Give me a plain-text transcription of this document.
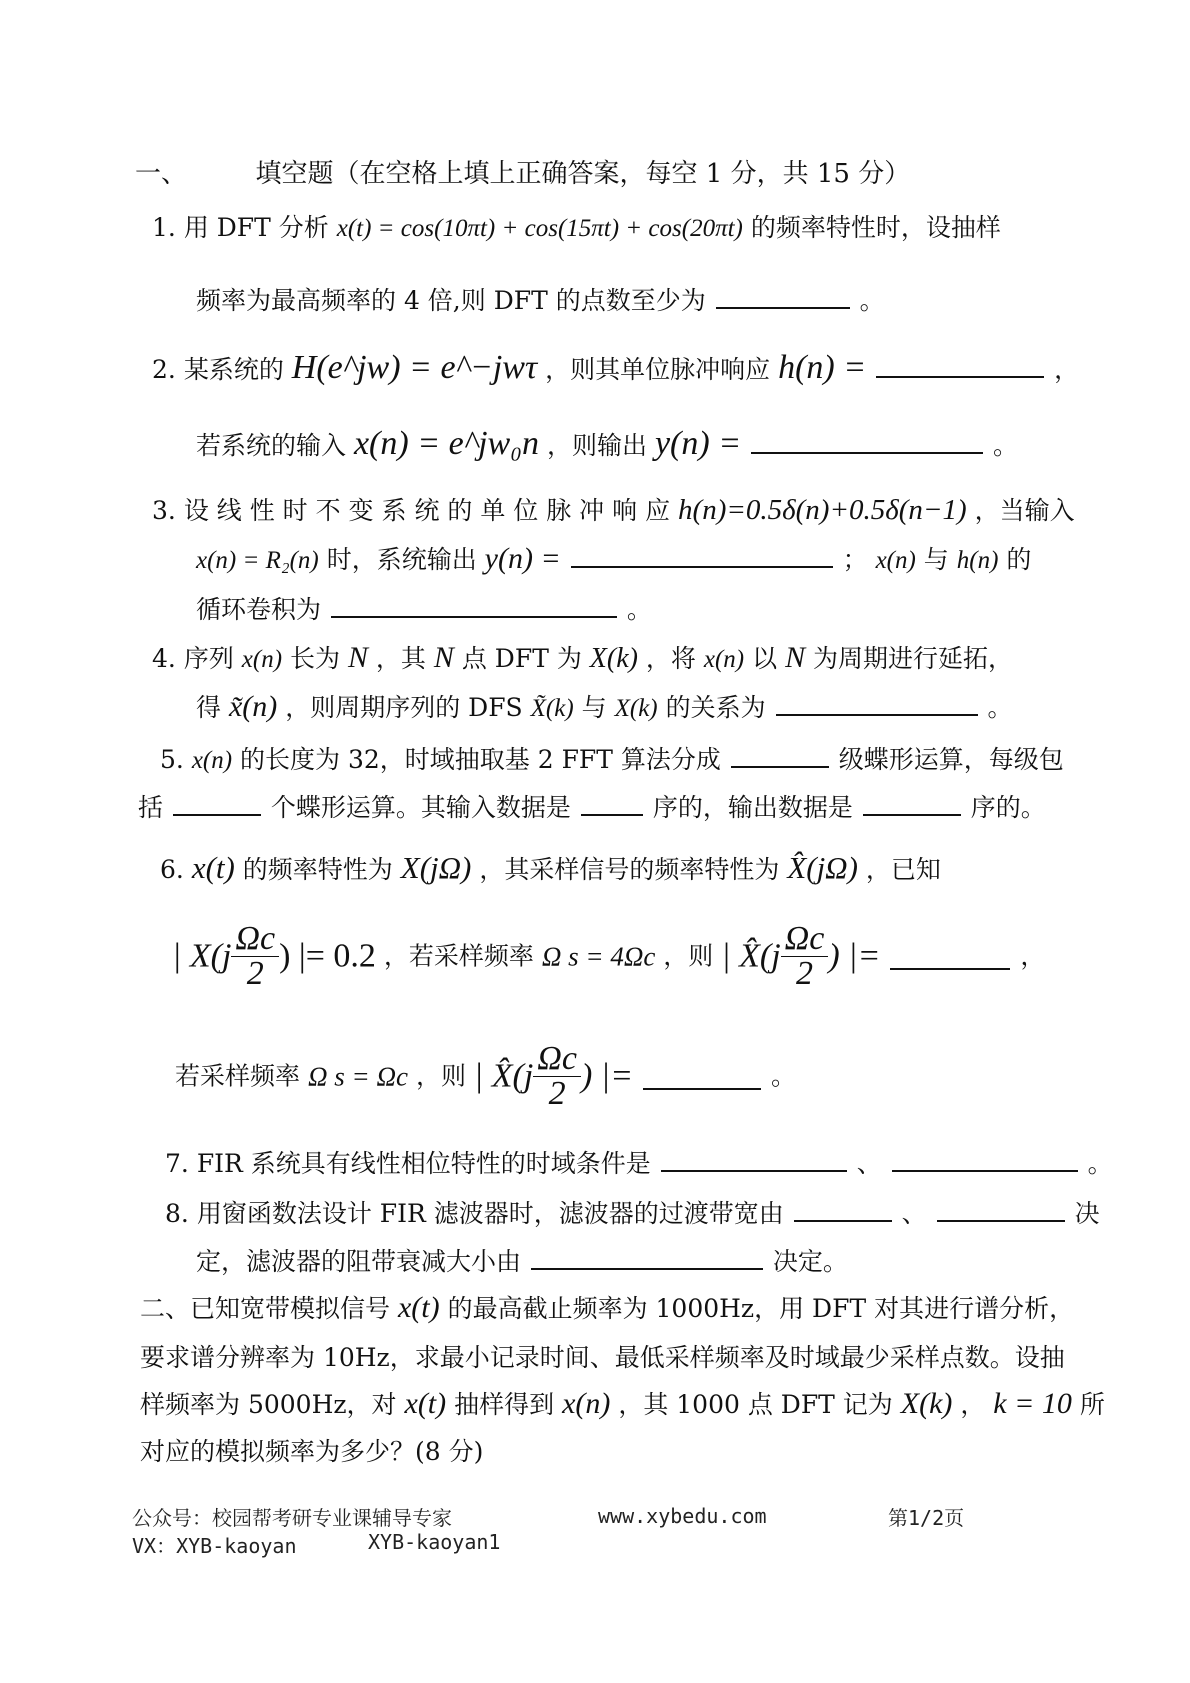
一、	填空题（在空格上填上正确答案，每空 1 分，共 15 分）
1. 用 DFT 分析 x(t) = cos(10πt) + cos(15πt) + cos(20πt) 的频率特性时，设抽样
频率为最高频率的 4 倍,则 DFT 的点数至少为	。
2. 某系统的 H(e^jw) = e^−jwτ ，则其单位脉冲响应 h(n) =	，
若系统的输入 x(n) = e^jw₀n ，则输出 y(n) =	。
3. 设 线 性 时 不 变 系 统 的 单 位 脉 冲 响 应 h(n)=0.5δ(n)+0.5δ(n−1) ，当输入
x(n) = R₂(n) 时，系统输出 y(n) =	； x(n) 与 h(n) 的
循环卷积为	。
4. 序列 x(n) 长为 N ，其 N 点 DFT 为 X(k) ，将 x(n) 以 N 为周期进行延拓，
得 x̃(n) ，则周期序列的 DFS X̃(k) 与 X(k) 的关系为	。
5. x(n) 的长度为 32，时域抽取基 2 FFT 算法分成	级蝶形运算，每级包
括	个蝶形运算。其输入数据是	序的，输出数据是	序的。
6. x(t) 的频率特性为 X(jΩ) ，其采样信号的频率特性为 X̂(jΩ) ，已知
| $X(j \frac{\Omega c}{2}$ ) |= 0.2 ，若采样频率 Ω s = 4Ωc ，则 | X̂(j $\frac{\Omega c}{2}$ ) |=	，
若采样频率 Ω s = Ωc ，则 | X̂(j $\frac{\Omega c}{2}$ ) |=	。
7. FIR 系统具有线性相位特性的时域条件是	、	。
8. 用窗函数法设计 FIR 滤波器时，滤波器的过渡带宽由	、	决
定，滤波器的阻带衰减大小由	决定。
二、已知宽带模拟信号 x(t) 的最高截止频率为 1000Hz，用 DFT 对其进行谱分析，
要求谱分辨率为 10Hz，求最小记录时间、最低采样频率及时域最少采样点数。设抽
样频率为 5000Hz，对 x(t) 抽样得到 x(n) ，其 1000 点 DFT 记为 X(k) ， k = 10 所
对应的模拟频率为多少？(8 分)
公众号：校园帮考研专业课辅导专家	www.xybedu.com	第1/2页
VX：XYB-kaoyan	XYB-kaoyan1
